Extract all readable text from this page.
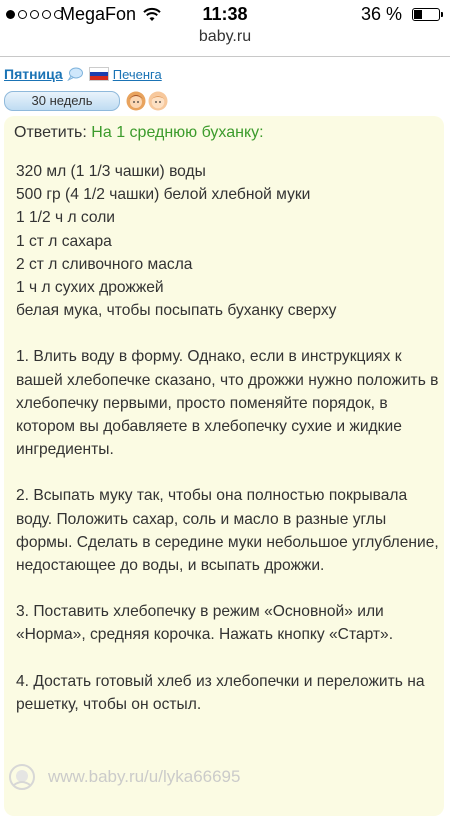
MegaFon	11:38	36 %
baby.ru
Пятница	Печенга
30 недель
Ответить: На 1 среднюю буханку:

320 мл (1 1/3 чашки) воды

500 гр (4 1/2 чашки) белой хлебной муки

1 1/2 ч л соли

1 ст л сахара

2 ст л сливочного масла

1 ч л сухих дрожжей

белая мука, чтобы посыпать буханку сверху

1. Влить воду в форму. Однако, если в инструкциях к вашей хлебопечке сказано, что дрожжи нужно положить в хлебопечку первыми, просто поменяйте порядок, в котором вы добавляете в хлебопечку сухие и жидкие ингредиенты.

2. Всыпать муку так, чтобы она полностью покрывала воду. Положить сахар, соль и масло в разные углы формы. Сделать в середине муки небольшое углубление, недостающее до воды, и всыпать дрожжи.

3. Поставить хлебопечку в режим «Основной» или «Норма», средняя корочка. Нажать кнопку «Старт».

4. Достать готовый хлеб из хлебопечки и переложить на решетку, чтобы он остыл.

www.baby.ru/u/lyka66695
